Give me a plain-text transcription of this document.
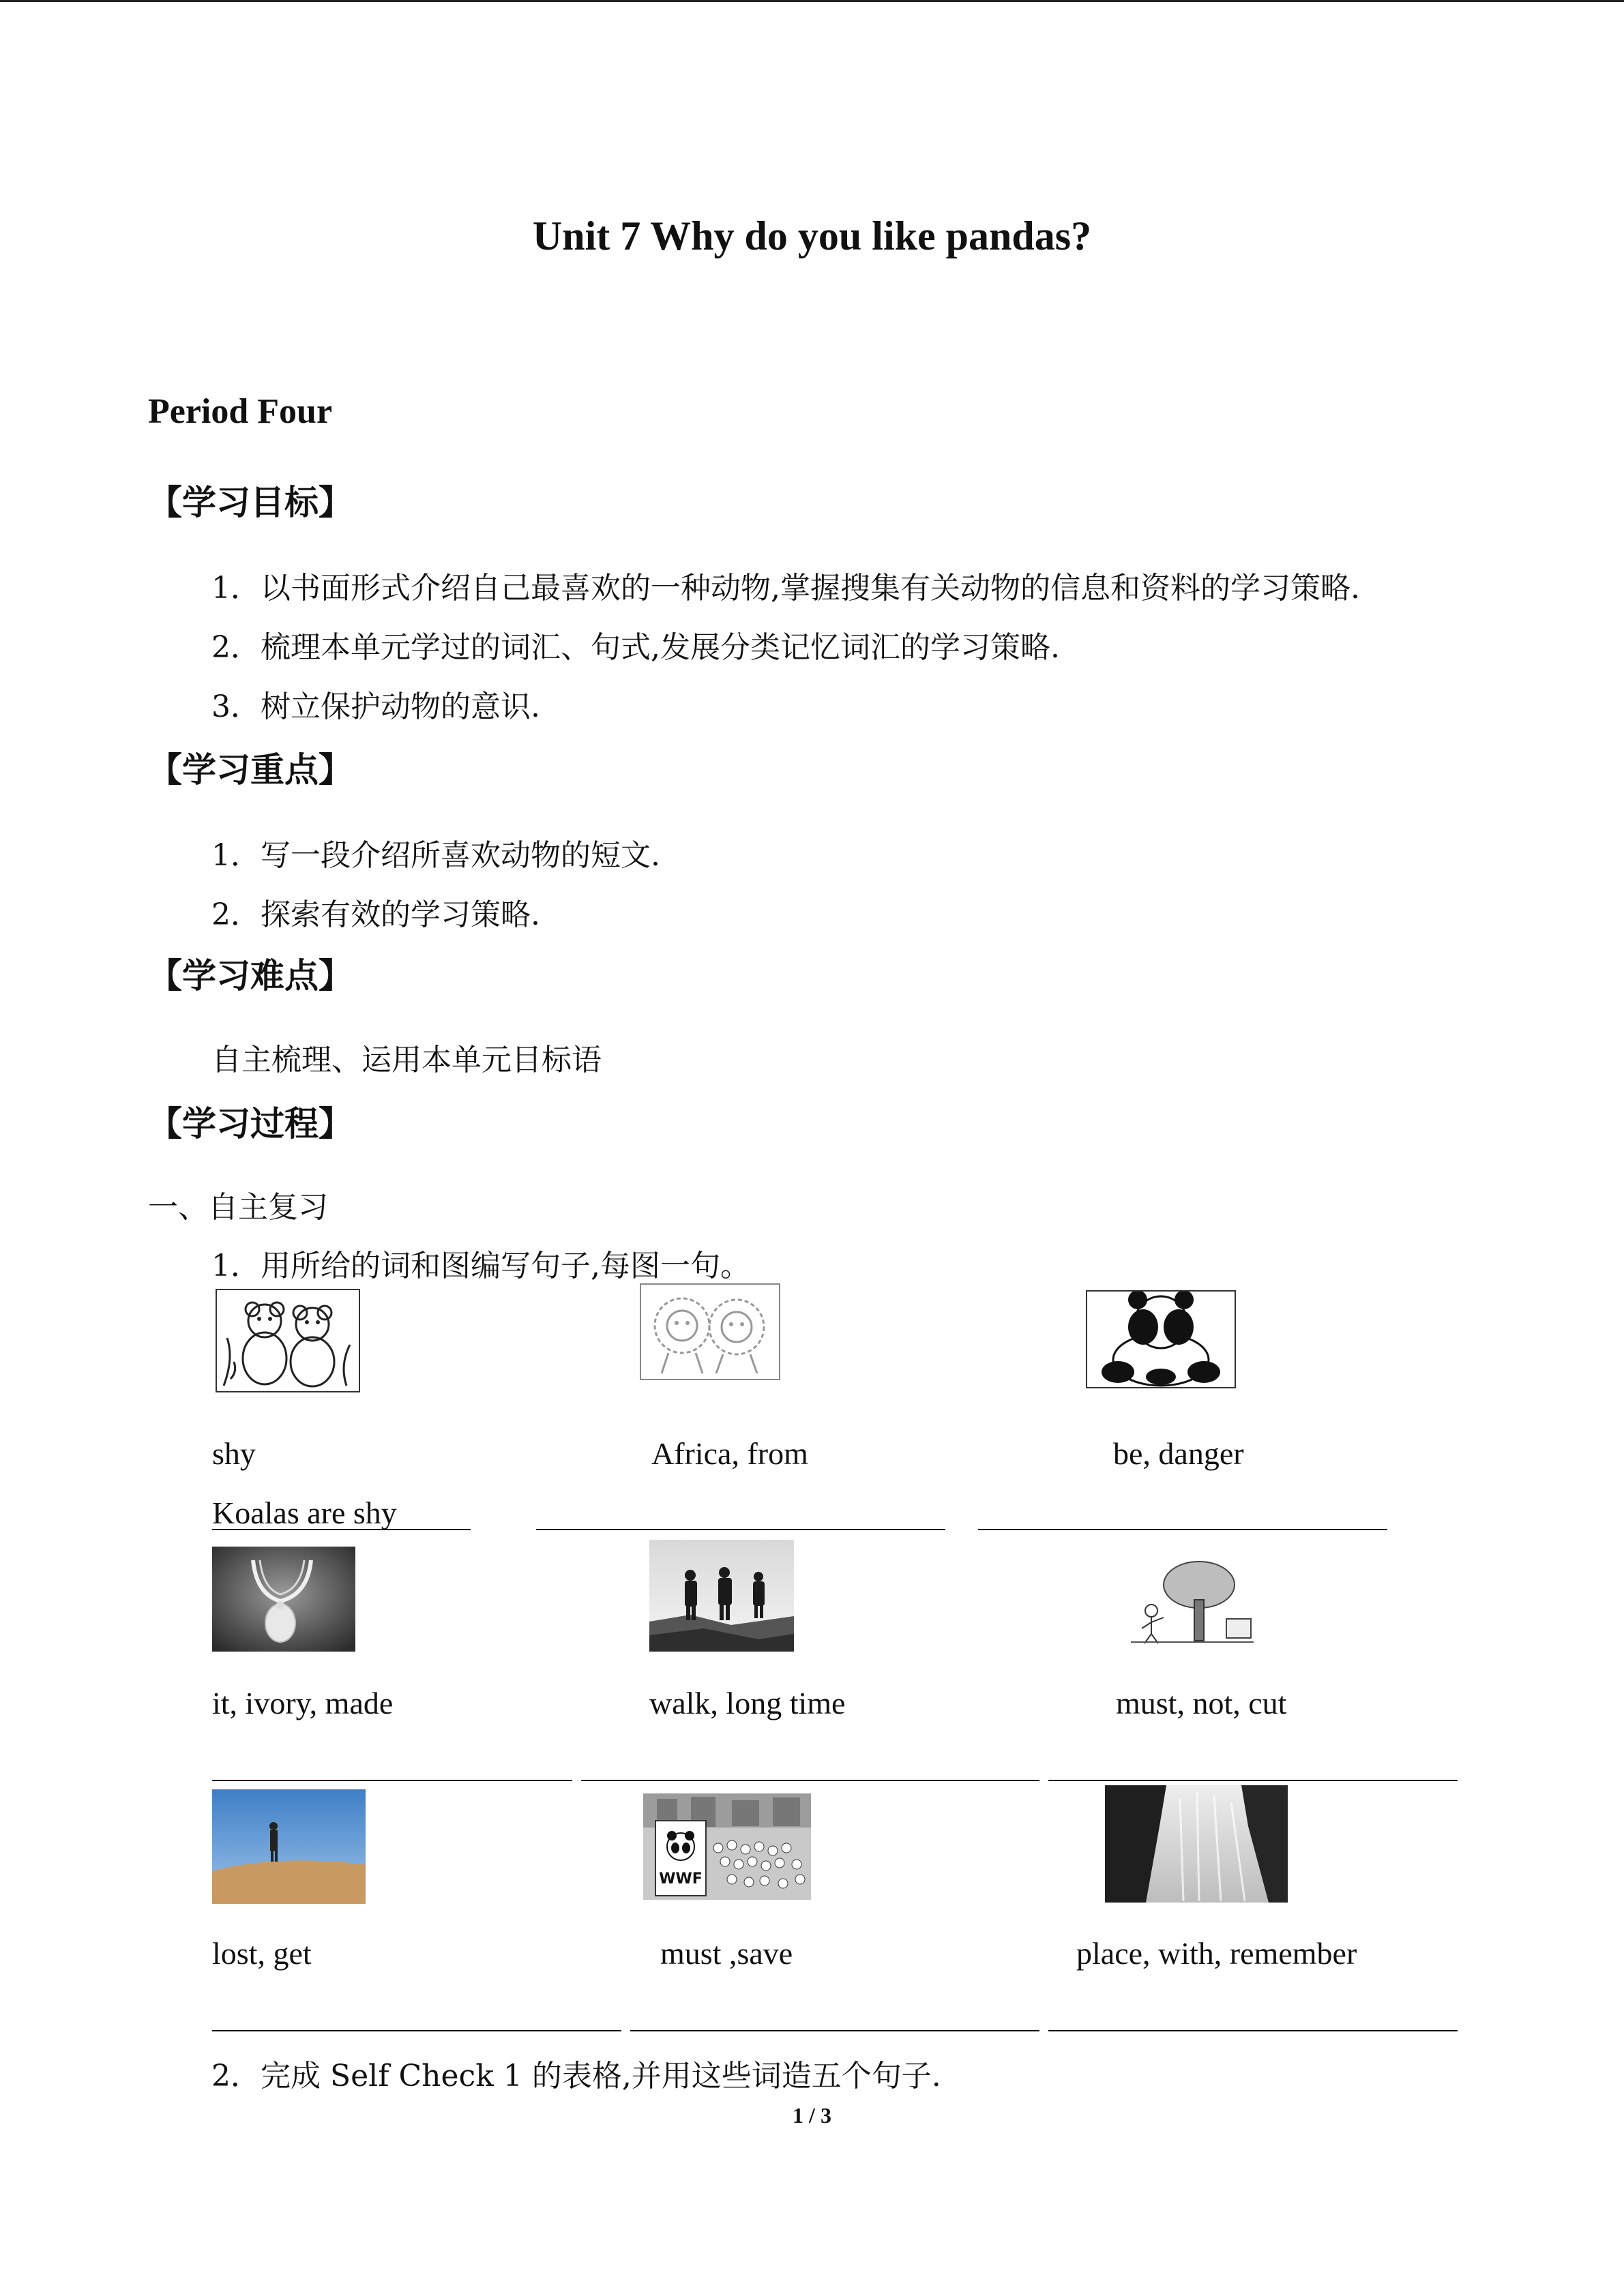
Unit 7 Why do you like pandas?
Period Four
【学习目标】
1．以书面形式介绍自己最喜欢的一种动物,掌握搜集有关动物的信息和资料的学习策略.
2．梳理本单元学过的词汇、句式,发展分类记忆词汇的学习策略.
3．树立保护动物的意识.
【学习重点】
1．写一段介绍所喜欢动物的短文.
2．探索有效的学习策略.
【学习难点】
自主梳理、运用本单元目标语
【学习过程】
一、自主复习
1．用所给的词和图编写句子,每图一句。
shy	Africa, from	be, danger
Koalas are shy
it, ivory, made	walk, long time	must, not, cut
WWF
lost, get	must ,save	place, with, remember
2．完成 Self Check 1 的表格,并用这些词造五个句子.
1 / 3
